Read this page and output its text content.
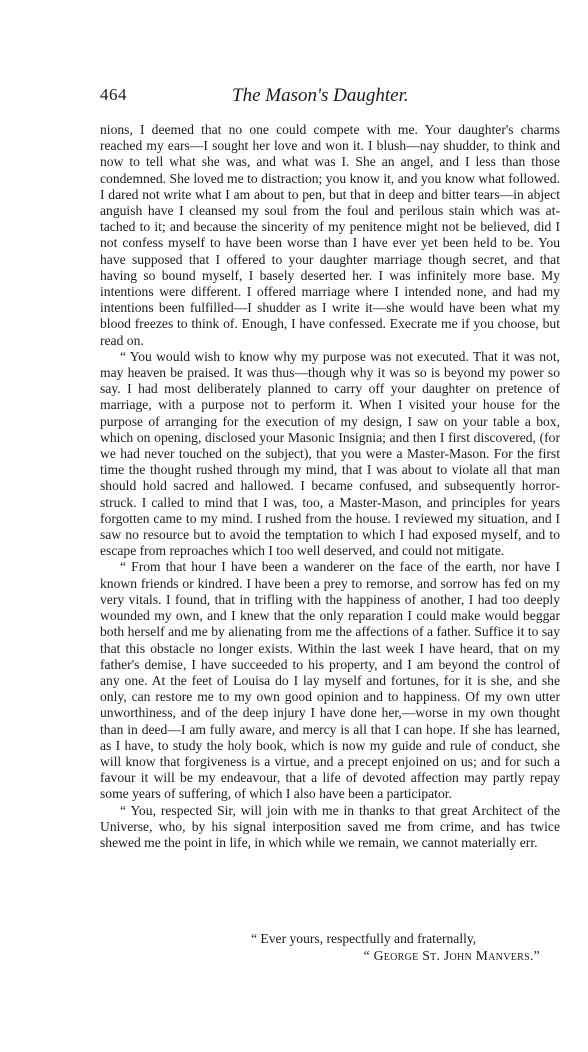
464	The Mason's Daughter.

nions, I deemed that no one could compete with me. Your daughter's charms reached my ears—I sought her love and won it. I blush—nay shudder, to think and now to tell what she was, and what was I. She an angel, and I less than those condemned. She loved me to distraction; you know it, and you know what followed. I dared not write what I am about to pen, but that in deep and bitter tears—in abject anguish have I cleansed my soul from the foul and perilous stain which was attached to it; and because the sincerity of my penitence might not be believed, did I not confess myself to have been worse than I have ever yet been held to be. You have supposed that I offered to your daughter marriage though secret, and that having so bound myself, I basely deserted her. I was infinitely more base. My intentions were different. I offered marriage where I intended none, and had my intentions been fulfilled—I shudder as I write it—she would have been what my blood freezes to think of. Enough, I have confessed. Execrate me if you choose, but read on.

“ You would wish to know why my purpose was not executed. That it was not, may heaven be praised. It was thus—though why it was so is beyond my power so say. I had most deliberately planned to carry off your daughter on pretence of marriage, with a purpose not to perform it. When I visited your house for the purpose of arranging for the execution of my design, I saw on your table a box, which on opening, disclosed your Masonic Insignia; and then I first discovered, (for we had never touched on the subject), that you were a Master-Mason. For the first time the thought rushed through my mind, that I was about to violate all that man should hold sacred and hallowed. I became confused, and subsequently horror-struck. I called to mind that I was, too, a Master-Mason, and principles for years forgotten came to my mind. I rushed from the house. I reviewed my situation, and I saw no resource but to avoid the temptation to which I had exposed myself, and to escape from reproaches which I too well deserved, and could not mitigate.

“ From that hour I have been a wanderer on the face of the earth, nor have I known friends or kindred. I have been a prey to remorse, and sorrow has fed on my very vitals. I found, that in trifling with the happiness of another, I had too deeply wounded my own, and I knew that the only reparation I could make would beggar both herself and me by alienating from me the affections of a father. Suffice it to say that this obstacle no longer exists. Within the last week I have heard, that on my father's demise, I have succeeded to his property, and I am beyond the control of any one. At the feet of Louisa do I lay myself and fortunes, for it is she, and she only, can restore me to my own good opinion and to happiness. Of my own utter unworthiness, and of the deep injury I have done her,—worse in my own thought than in deed—I am fully aware, and mercy is all that I can hope. If she has learned, as I have, to study the holy book, which is now my guide and rule of conduct, she will know that forgiveness is a virtue, and a precept enjoined on us; and for such a favour it will be my endeavour, that a life of devoted affection may partly repay some years of suffering, of which I also have been a participator.

“ You, respected Sir, will join with me in thanks to that great Architect of the Universe, who, by his signal interposition saved me from crime, and has twice shewed me the point in life, in which while we remain, we cannot materially err.

“ Ever yours, respectfully and fraternally,
“ George St. John Manvers.”
